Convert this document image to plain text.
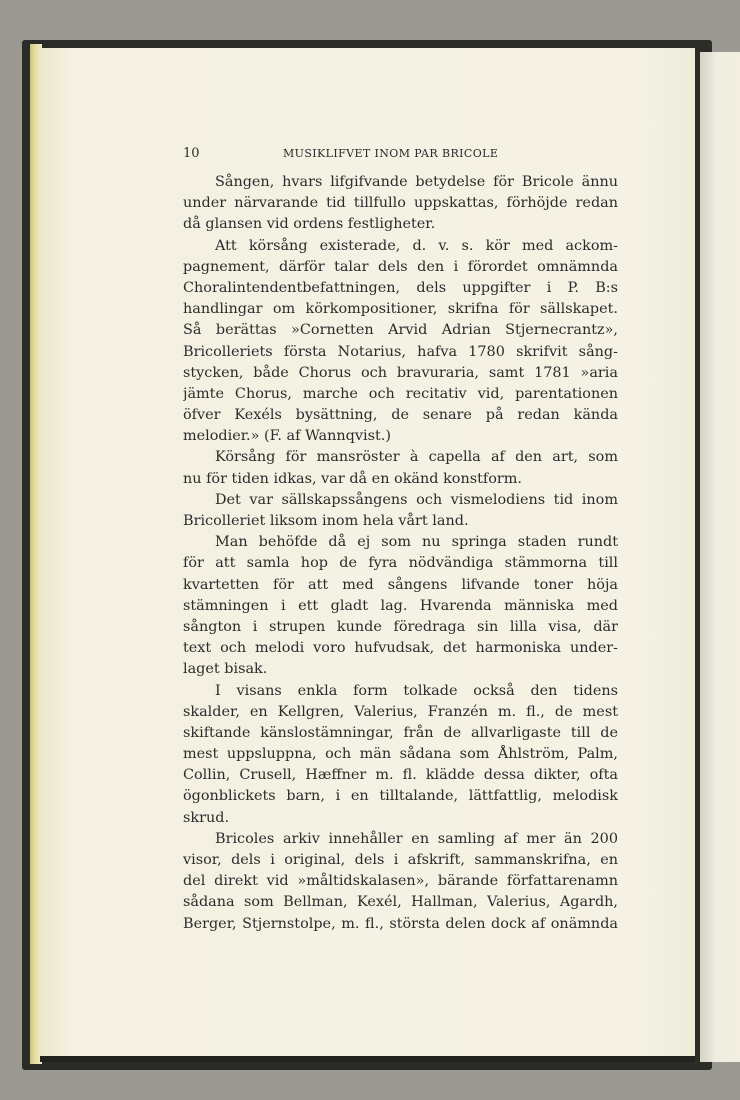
10	MUSIKLIFVET INOM PAR BRICOLE
Sången, hvars lifgifvande betydelse för Bricole ännu
under närvarande tid tillfullo uppskattas, förhöjde redan
då glansen vid ordens festligheter.
Att körsång existerade, d. v. s. kör med ackom-
pagnement, därför talar dels den i förordet omnämnda
Choralintendentbefattningen, dels uppgifter i P. B:s
handlingar om körkompositioner, skrifna för sällskapet.
Så berättas »Cornetten Arvid Adrian Stjernecrantz»,
Bricolleriets första Notarius, hafva 1780 skrifvit sång-
stycken, både Chorus och bravuraria, samt 1781 »aria
jämte Chorus, marche och recitativ vid, parentationen
öfver Kexéls bysättning, de senare på redan kända
melodier.» (F. af Wannqvist.)
Körsång för mansröster à capella af den art, som
nu för tiden idkas, var då en okänd konstform.
Det var sällskapssångens och vismelodiens tid inom
Bricolleriet liksom inom hela vårt land.
Man behöfde då ej som nu springa staden rundt
för att samla hop de fyra nödvändiga stämmorna till
kvartetten för att med sångens lifvande toner höja
stämningen i ett gladt lag. Hvarenda människa med
sångton i strupen kunde föredraga sin lilla visa, där
text och melodi voro hufvudsak, det harmoniska under-
laget bisak.
I visans enkla form tolkade också den tidens
skalder, en Kellgren, Valerius, Franzén m. fl., de mest
skiftande känslostämningar, från de allvarligaste till de
mest uppsluppna, och män sådana som Åhlström, Palm,
Collin, Crusell, Hæffner m. fl. klädde dessa dikter, ofta
ögonblickets barn, i en tilltalande, lättfattlig, melodisk
skrud.
Bricoles arkiv innehåller en samling af mer än 200
visor, dels i original, dels i afskrift, sammanskrifna, en
del direkt vid »måltidskalasen», bärande författarenamn
sådana som Bellman, Kexél, Hallman, Valerius, Agardh,
Berger, Stjernstolpe, m. fl., största delen dock af onämnda
